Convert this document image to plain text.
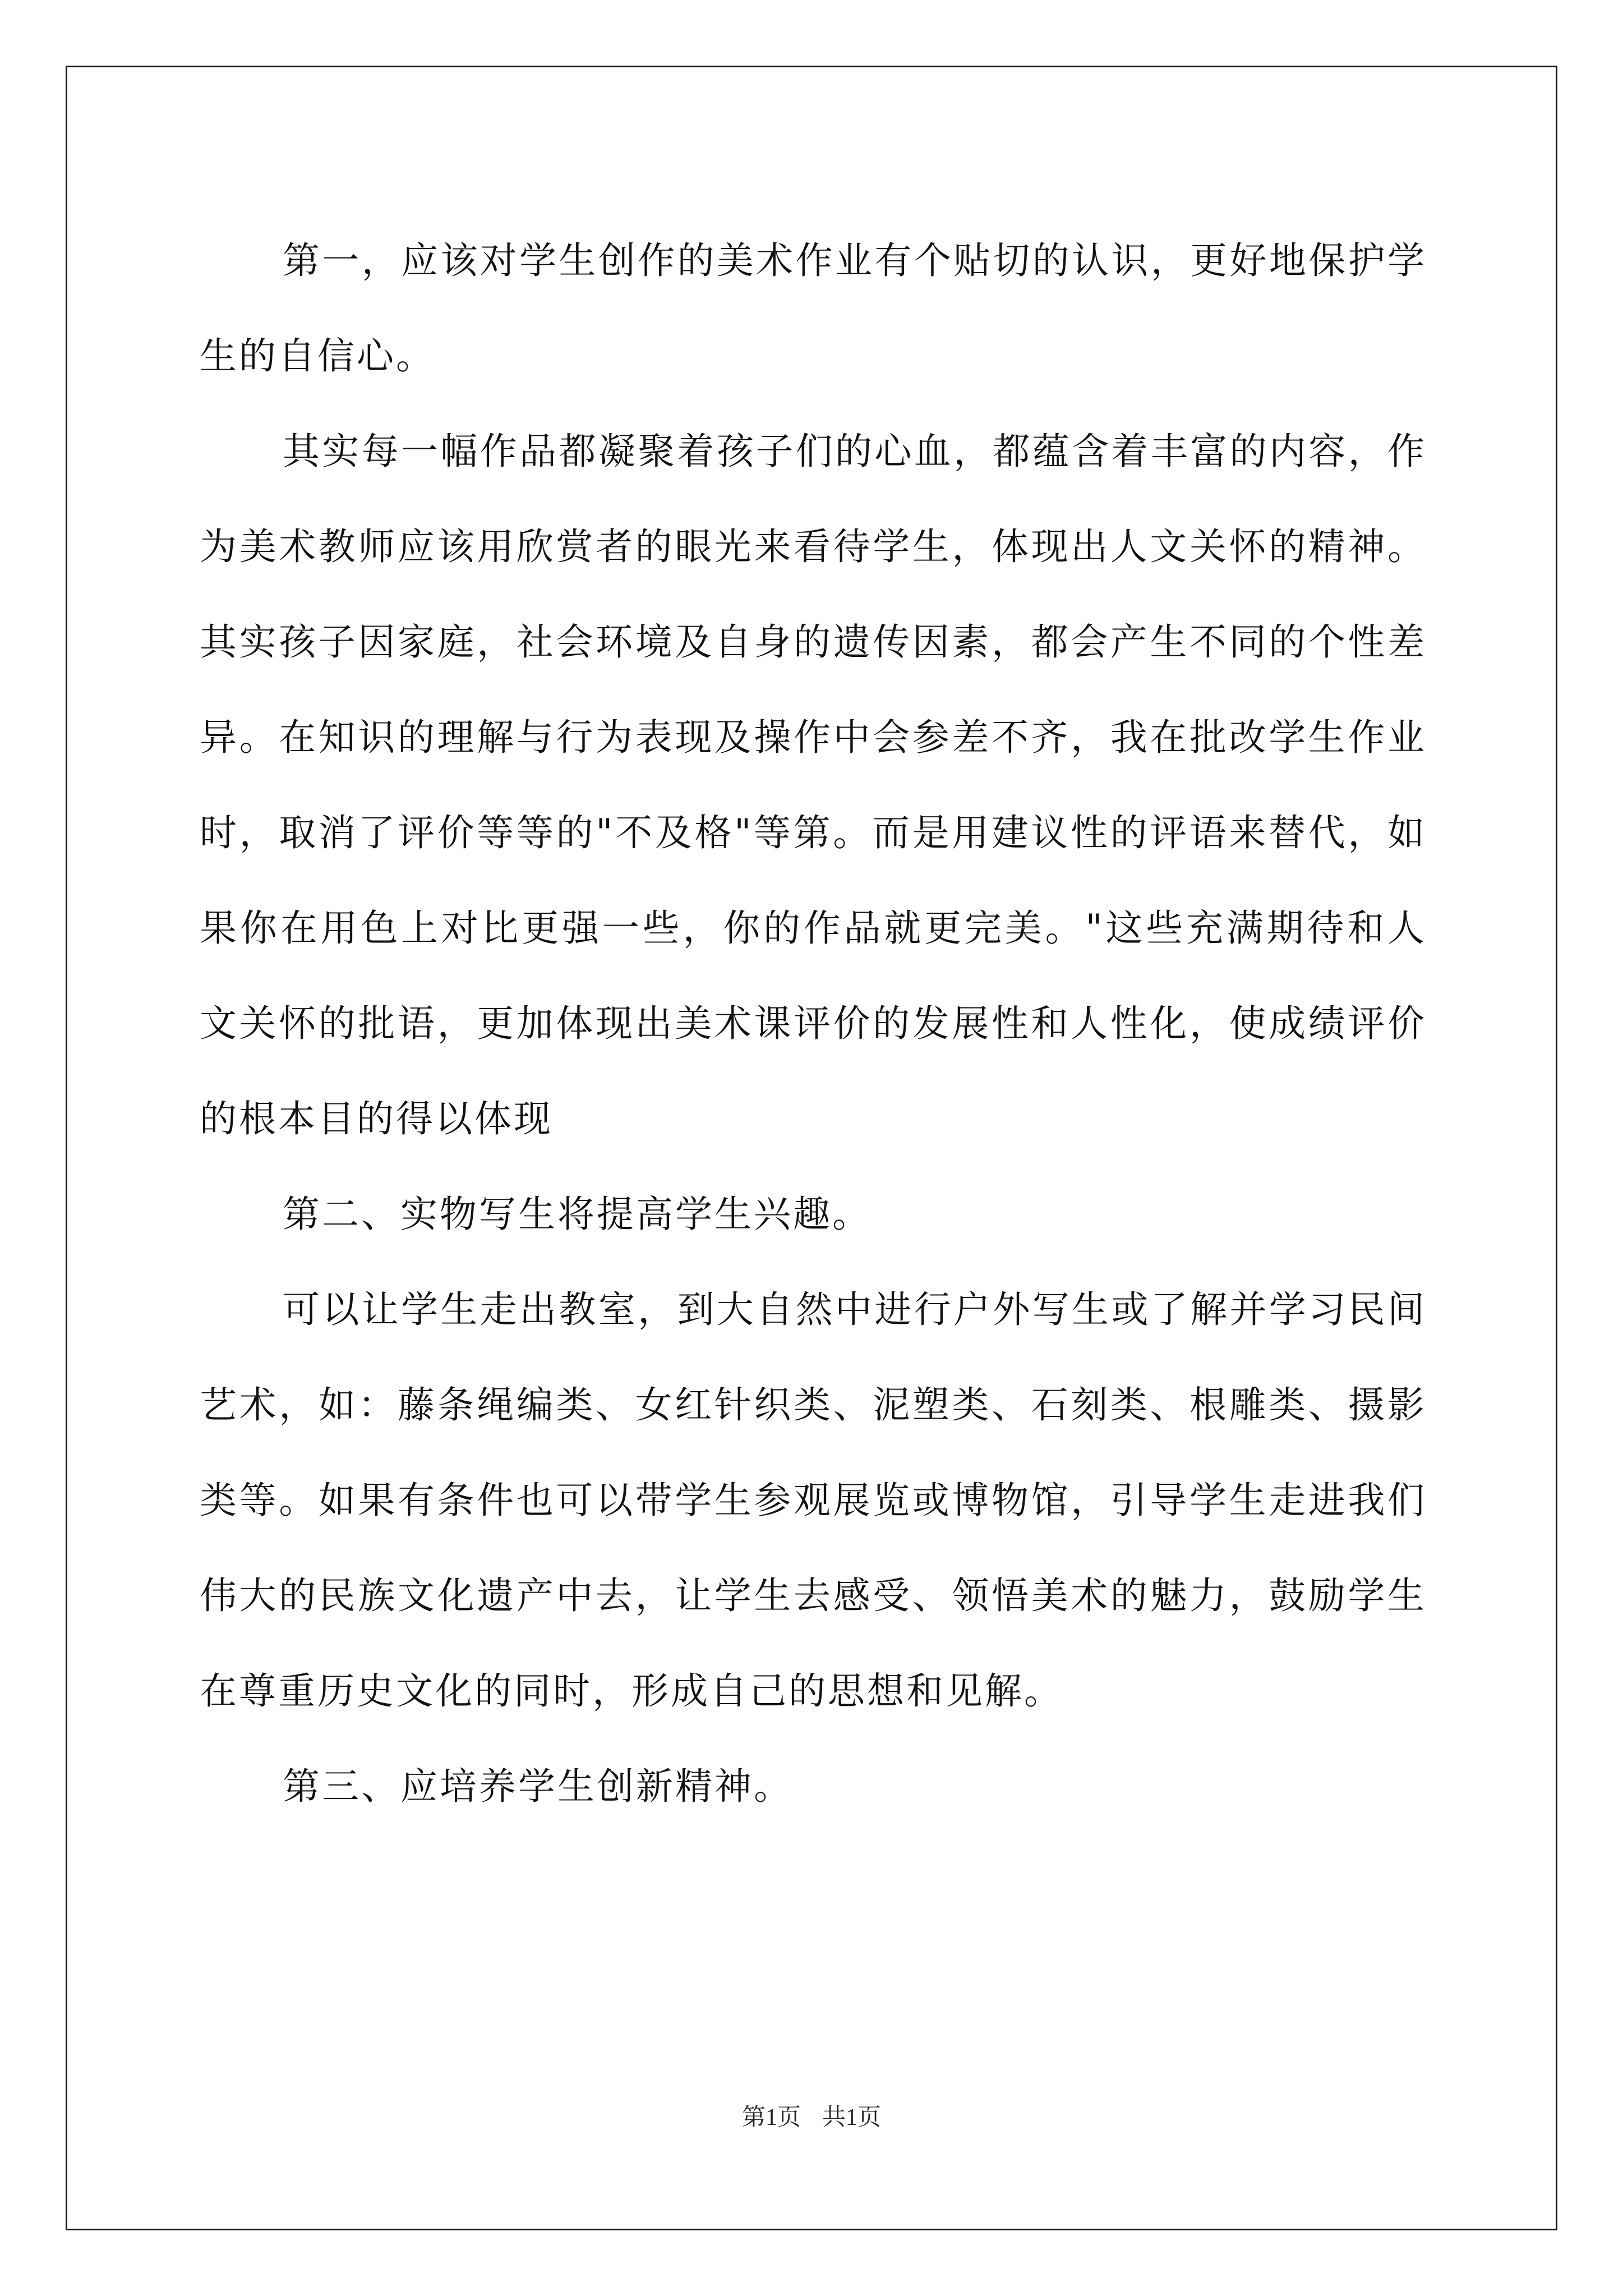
第一，应该对学生创作的美术作业有个贴切的认识，更好地保护学生的自信心。

其实每一幅作品都凝聚着孩子们的心血，都蕴含着丰富的内容，作为美术教师应该用欣赏者的眼光来看待学生，体现出人文关怀的精神。其实孩子因家庭，社会环境及自身的遗传因素，都会产生不同的个性差异。在知识的理解与行为表现及操作中会参差不齐，我在批改学生作业时，取消了评价等等的"不及格"等第。而是用建议性的评语来替代，如果你在用色上对比更强一些，你的作品就更完美。"这些充满期待和人文关怀的批语，更加体现出美术课评价的发展性和人性化，使成绩评价的根本目的得以体现

第二、实物写生将提高学生兴趣。

可以让学生走出教室，到大自然中进行户外写生或了解并学习民间艺术，如：藤条绳编类、女红针织类、泥塑类、石刻类、根雕类、摄影类等。如果有条件也可以带学生参观展览或博物馆，引导学生走进我们伟大的民族文化遗产中去，让学生去感受、领悟美术的魅力，鼓励学生在尊重历史文化的同时，形成自己的思想和见解。

第三、应培养学生创新精神。

第1页 共1页
